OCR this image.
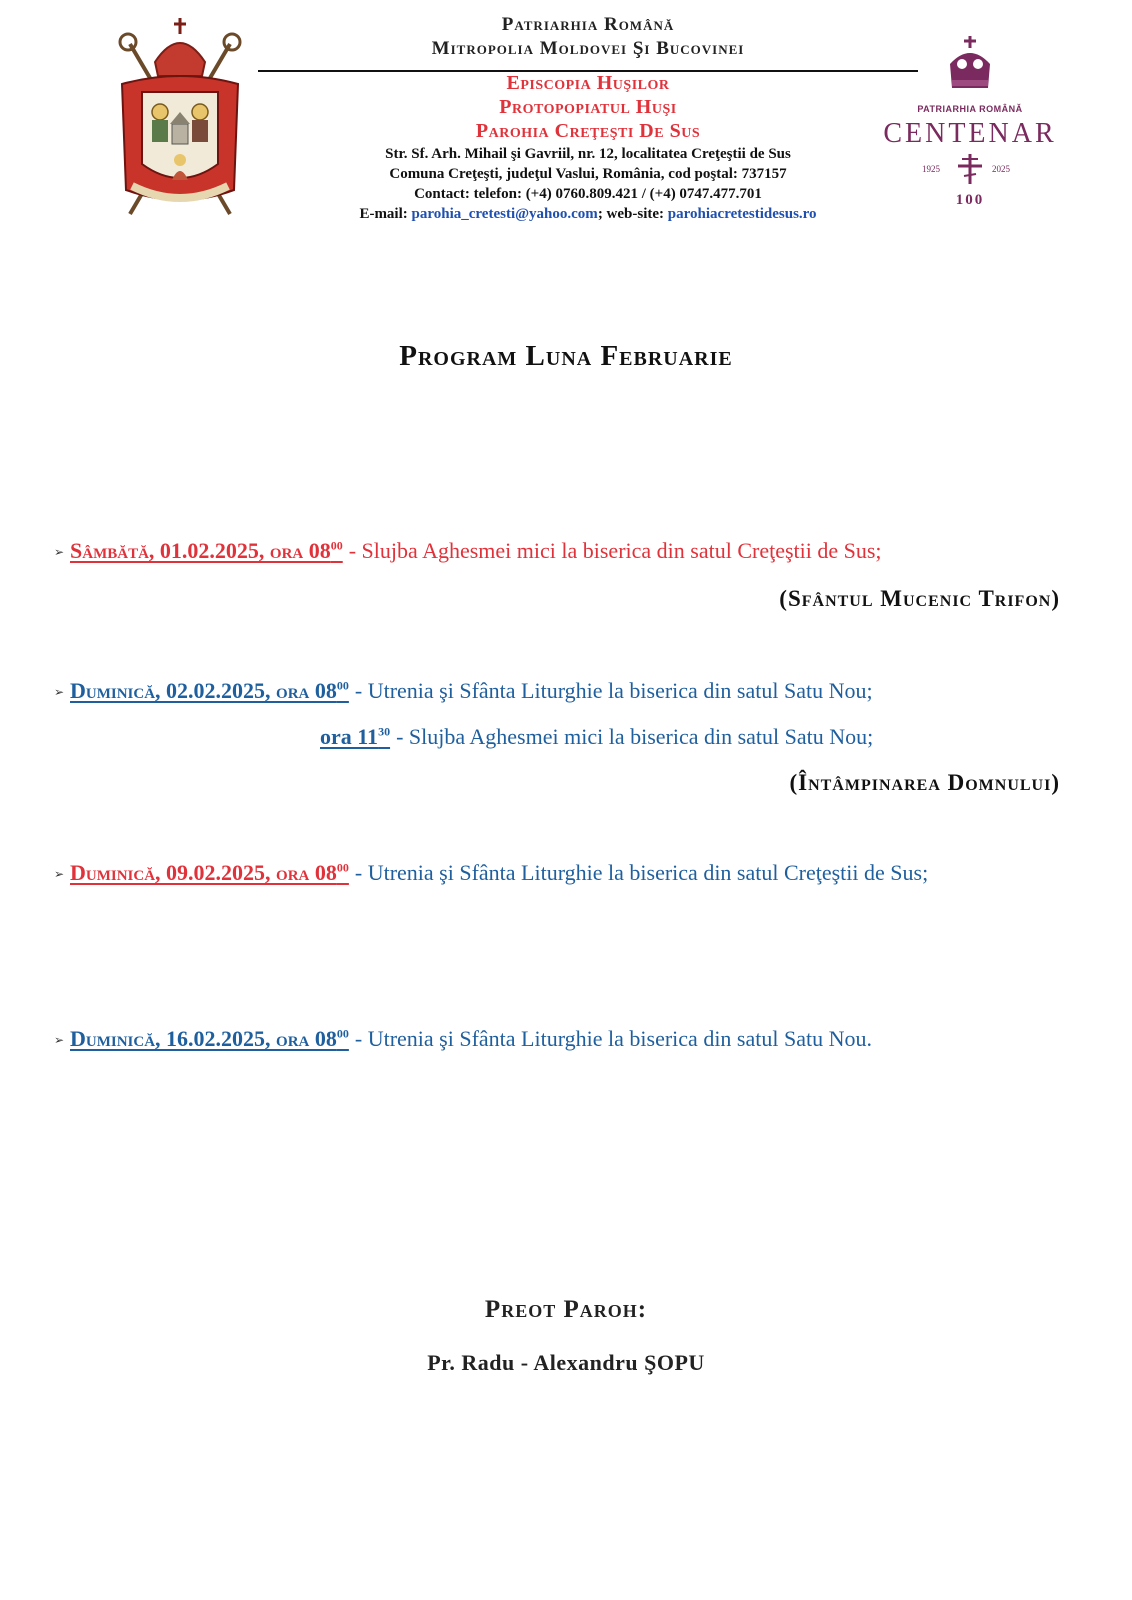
Patriarhia Română
Mitropolia Moldovei Şi Bucovinei
Episcopia Huşilor
Protopopiatul Huşi
Parohia Creţeşti De Sus
Str. Sf. Arh. Mihail şi Gavriil, nr. 12, localitatea Creţeştii de Sus
Comuna Creţeşti, judeţul Vaslui, România, cod poştal: 737157
Contact: telefon: (+4) 0760.809.421 / (+4) 0747.477.701
E-mail: parohia_cretesti@yahoo.com; web-site: parohiacretestidesus.ro
PATRIARHIA ROMÂNĂ
CENTENAR
1925	2025
100
Program Luna Februarie
➢ Sâmbătă, 01.02.2025, ora $08^{00}$ - Slujba Aghesmei mici la biserica din satul Creţeştii de Sus;
(Sfântul Mucenic Trifon)
➢ Duminică, 02.02.2025, ora $08^{00}$ - Utrenia şi Sfânta Liturghie la biserica din satul Satu Nou;
ora $11^{30}$ - Slujba Aghesmei mici la biserica din satul Satu Nou;
(Întâmpinarea Domnului)
➢ Duminică, 09.02.2025, ora $08^{00}$ - Utrenia şi Sfânta Liturghie la biserica din satul Creţeştii de Sus;
➢ Duminică, 16.02.2025, ora $08^{00}$ - Utrenia şi Sfânta Liturghie la biserica din satul Satu Nou.
Preot Paroh:
Pr. Radu - Alexandru ŞOPU
